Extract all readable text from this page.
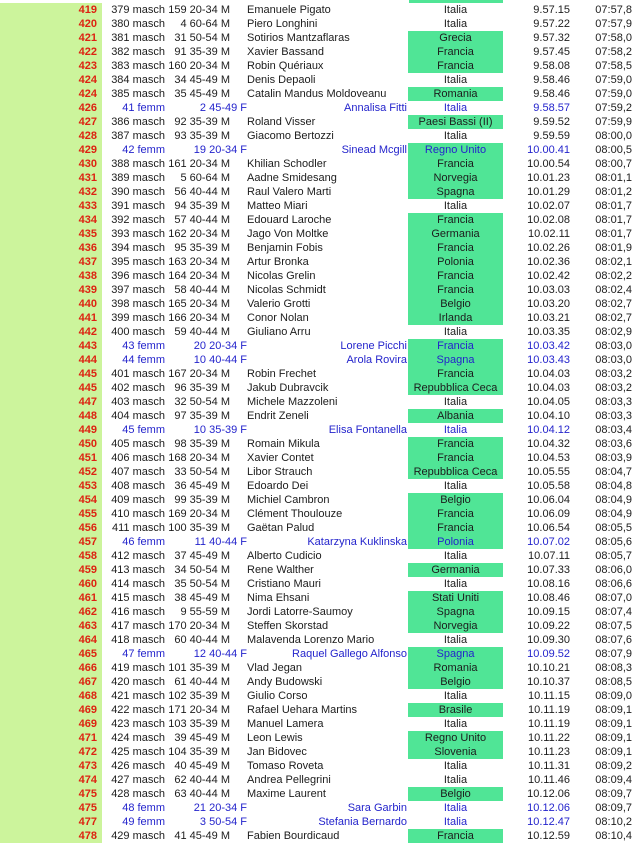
419	379 masch 159 20-34 M	Emanuele Pigato	Italia	9.57.15	07:57,8
420	380 masch	4 60-64 M	Piero Longhini	Italia	9.57.22	07:57,9
421	381 masch 31 50-54 M	Sotirios Mantzaflaras	Grecia	9.57.32	07:58,0
422	382 masch 91 35-39 M	Xavier Bassand	Francia	9.57.45	07:58,2
423	383 masch 160 20-34 M	Robin Quériaux	Francia	9.58.08	07:58,5
424	384 masch 34 45-49 M	Denis Depaoli	Italia	9.58.46	07:59,0
424	385 masch 35 45-49 M	Catalin Mandus Moldoveanu	Romania	9.58.46	07:59,0
426	41 femm	2 45-49 F	Annalisa Fitti	Italia	9.58.57	07:59,2
427	386 masch 92 35-39 M	Roland Visser	Paesi Bassi (II)	9.59.52	07:59,9
428	387 masch 93 35-39 M	Giacomo Bertozzi	Italia	9.59.59	08:00,0
429	42 femm	19 20-34 F	Sinead Mcgill	Regno Unito	10.00.41	08:00,5
430	388 masch 161 20-34 M	Khilian Schodler	Francia	10.00.54	08:00,7
431	389 masch	5 60-64 M	Aadne Smidesang	Norvegia	10.01.23	08:01,1
432	390 masch 56 40-44 M	Raul Valero Marti	Spagna	10.01.29	08:01,2
433	391 masch 94 35-39 M	Matteo Miari	Italia	10.02.07	08:01,7
434	392 masch 57 40-44 M	Edouard Laroche	Francia	10.02.08	08:01,7
435	393 masch 162 20-34 M	Jago Von Moltke	Germania	10.02.11	08:01,7
436	394 masch 95 35-39 M	Benjamin Fobis	Francia	10.02.26	08:01,9
437	395 masch 163 20-34 M	Artur Bronka	Polonia	10.02.36	08:02,1
438	396 masch 164 20-34 M	Nicolas Grelin	Francia	10.02.42	08:02,2
439	397 masch 58 40-44 M	Nicolas Schmidt	Francia	10.03.03	08:02,4
440	398 masch 165 20-34 M	Valerio Grotti	Belgio	10.03.20	08:02,7
441	399 masch 166 20-34 M	Conor Nolan	Irlanda	10.03.21	08:02,7
442	400 masch 59 40-44 M	Giuliano Arru	Italia	10.03.35	08:02,9
443	43 femm	20 20-34 F	Lorene Picchi	Francia	10.03.42	08:03,0
444	44 femm	10 40-44 F	Arola Rovira	Spagna	10.03.43	08:03,0
445	401 masch 167 20-34 M	Robin Frechet	Francia	10.04.03	08:03,2
445	402 masch 96 35-39 M	Jakub Dubravcik	Repubblica Ceca	10.04.03	08:03,2
447	403 masch 32 50-54 M	Michele Mazzoleni	Italia	10.04.05	08:03,3
448	404 masch 97 35-39 M	Endrit Zeneli	Albania	10.04.10	08:03,3
449	45 femm	10 35-39 F	Elisa Fontanella	Italia	10.04.12	08:03,4
450	405 masch 98 35-39 M	Romain Mikula	Francia	10.04.32	08:03,6
451	406 masch 168 20-34 M	Xavier Contet	Francia	10.04.53	08:03,9
452	407 masch 33 50-54 M	Libor Strauch	Repubblica Ceca	10.05.55	08:04,7
453	408 masch 36 45-49 M	Edoardo Dei	Italia	10.05.58	08:04,8
454	409 masch 99 35-39 M	Michiel Cambron	Belgio	10.06.04	08:04,9
455	410 masch 169 20-34 M	Clément Thoulouze	Francia	10.06.09	08:04,9
456	411 masch 100 35-39 M	Gaëtan Palud	Francia	10.06.54	08:05,5
457	46 femm	11 40-44 F	Katarzyna Kuklinska	Polonia	10.07.02	08:05,6
458	412 masch 37 45-49 M	Alberto Cudicio	Italia	10.07.11	08:05,7
459	413 masch 34 50-54 M	Rene Walther	Germania	10.07.33	08:06,0
460	414 masch 35 50-54 M	Cristiano Mauri	Italia	10.08.16	08:06,6
461	415 masch 38 45-49 M	Nima Ehsani	Stati Uniti	10.08.46	08:07,0
462	416 masch	9 55-59 M	Jordi Latorre-Saumoy	Spagna	10.09.15	08:07,4
463	417 masch 170 20-34 M	Steffen Skorstad	Norvegia	10.09.22	08:07,5
464	418 masch 60 40-44 M	Malavenda Lorenzo Mario	Italia	10.09.30	08:07,6
465	47 femm	12 40-44 F	Raquel Gallego Alfonso	Spagna	10.09.52	08:07,9
466	419 masch 101 35-39 M	Vlad Jegan	Romania	10.10.21	08:08,3
467	420 masch 61 40-44 M	Andy Budowski	Belgio	10.10.37	08:08,5
468	421 masch 102 35-39 M	Giulio Corso	Italia	10.11.15	08:09,0
469	422 masch 171 20-34 M	Rafael Uehara Martins	Brasile	10.11.19	08:09,1
469	423 masch 103 35-39 M	Manuel Lamera	Italia	10.11.19	08:09,1
471	424 masch 39 45-49 M	Leon Lewis	Regno Unito	10.11.22	08:09,1
472	425 masch 104 35-39 M	Jan Bidovec	Slovenia	10.11.23	08:09,1
473	426 masch 40 45-49 M	Tomaso Roveta	Italia	10.11.31	08:09,2
474	427 masch 62 40-44 M	Andrea Pellegrini	Italia	10.11.46	08:09,4
475	428 masch 63 40-44 M	Maxime Laurent	Belgio	10.12.06	08:09,7
475	48 femm	21 20-34 F	Sara Garbin	Italia	10.12.06	08:09,7
477	49 femm	3 50-54 F	Stefania Bernardo	Italia	10.12.47	08:10,2
478	429 masch 41 45-49 M	Fabien Bourdicaud	Francia	10.12.59	08:10,4
